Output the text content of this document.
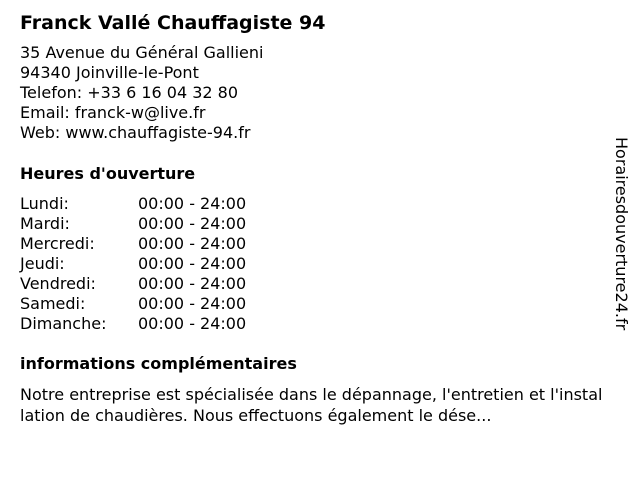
Franck Vallé Chauffagiste 94
35 Avenue du Général Gallieni
94340 Joinville-le-Pont
Telefon: +33 6 16 04 32 80
Email: franck-w@live.fr
Web: www.chauffagiste-94.fr
Heures d'ouverture
Lundi:	00:00 - 24:00
Mardi:	00:00 - 24:00
Mercredi:	00:00 - 24:00
Jeudi:	00:00 - 24:00
Vendredi:	00:00 - 24:00
Samedi:	00:00 - 24:00
Dimanche: 00:00 - 24:00
informations complémentaires
Notre entreprise est spécialisée dans le dépannage, l'entretien et l'installation de chaudières. Nous effectuons également le dése...
Horairesdouverture24.fr
